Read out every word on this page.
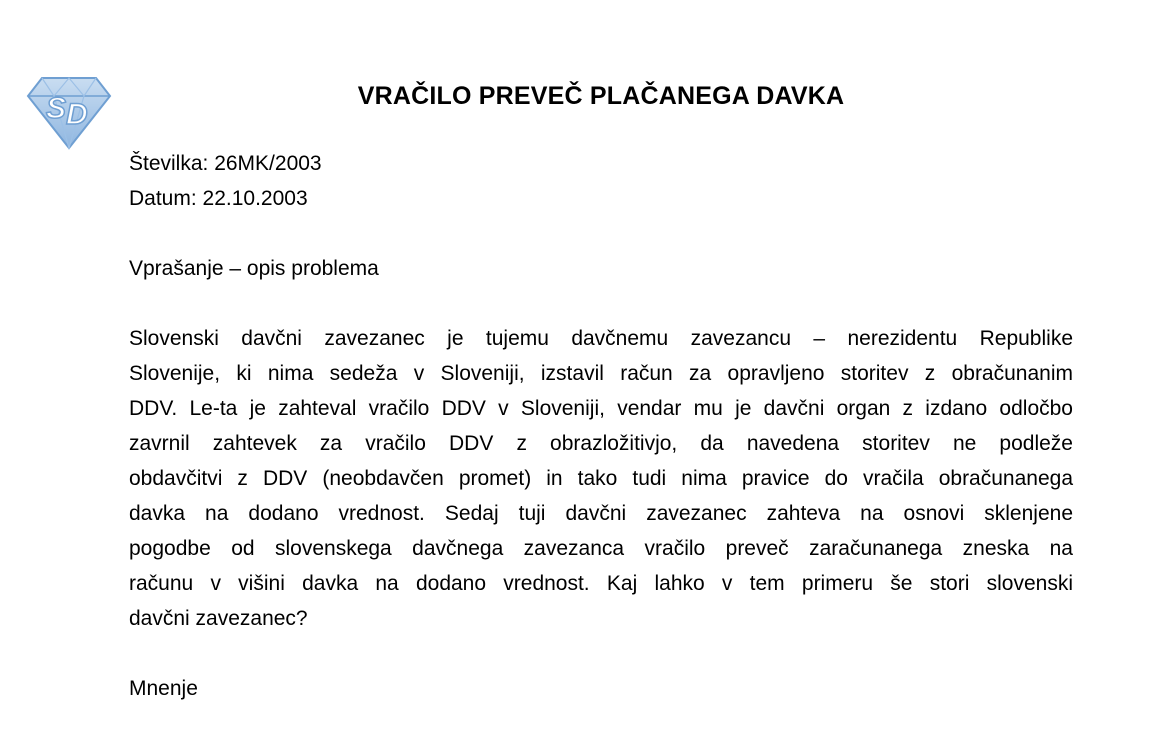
S D
VRAČILO PREVEČ PLAČANEGA DAVKA
Številka: 26MK/2003
Datum: 22.10.2003
Vprašanje – opis problema
Slovenski davčni zavezanec je tujemu davčnemu zavezancu – nerezidentu Republike
Slovenije, ki nima sedeža v Sloveniji, izstavil račun za opravljeno storitev z obračunanim
DDV. Le-ta je zahteval vračilo DDV v Sloveniji, vendar mu je davčni organ z izdano odločbo
zavrnil zahtevek za vračilo DDV z obrazložitivjo, da navedena storitev ne podleže
obdavčitvi z DDV (neobdavčen promet) in tako tudi nima pravice do vračila obračunanega
davka na dodano vrednost. Sedaj tuji davčni zavezanec zahteva na osnovi sklenjene
pogodbe od slovenskega davčnega zavezanca vračilo preveč zaračunanega zneska na
računu v višini davka na dodano vrednost. Kaj lahko v tem primeru še stori slovenski
davčni zavezanec?
Mnenje
